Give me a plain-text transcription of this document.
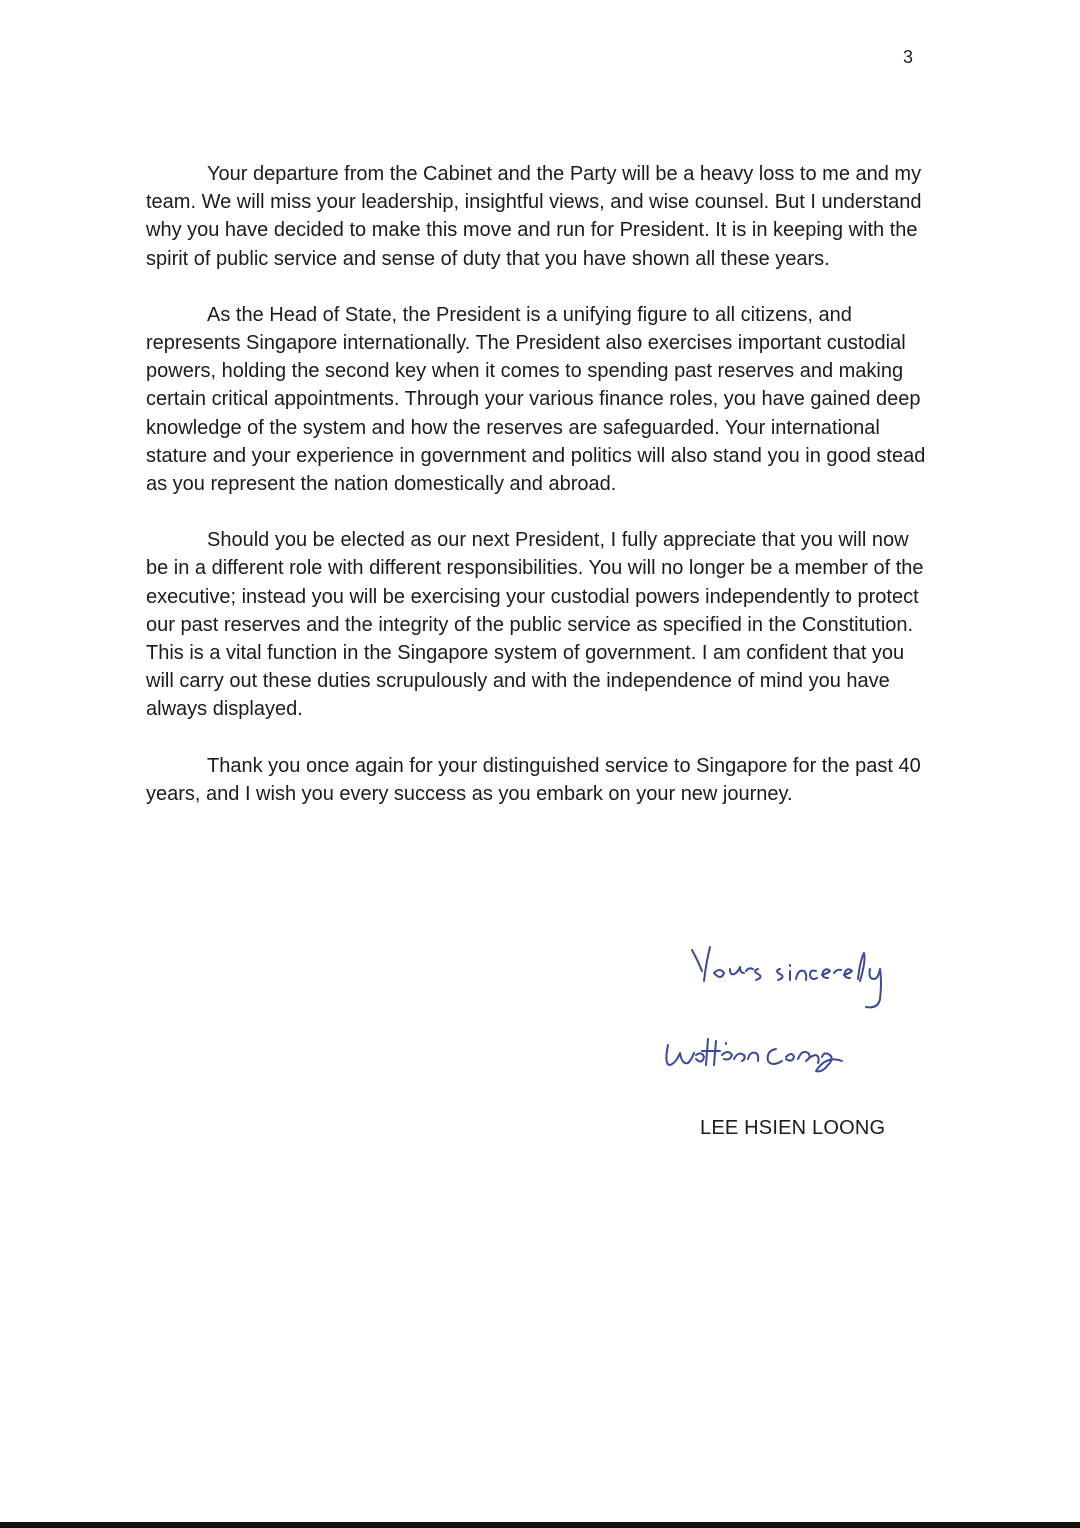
3

Your departure from the Cabinet and the Party will be a heavy loss to me and my team. We will miss your leadership, insightful views, and wise counsel. But I understand why you have decided to make this move and run for President. It is in keeping with the spirit of public service and sense of duty that you have shown all these years.

As the Head of State, the President is a unifying figure to all citizens, and represents Singapore internationally. The President also exercises important custodial powers, holding the second key when it comes to spending past reserves and making certain critical appointments. Through your various finance roles, you have gained deep knowledge of the system and how the reserves are safeguarded. Your international stature and your experience in government and politics will also stand you in good stead as you represent the nation domestically and abroad.

Should you be elected as our next President, I fully appreciate that you will now be in a different role with different responsibilities. You will no longer be a member of the executive; instead you will be exercising your custodial powers independently to protect our past reserves and the integrity of the public service as specified in the Constitution. This is a vital function in the Singapore system of government. I am confident that you will carry out these duties scrupulously and with the independence of mind you have always displayed.

Thank you once again for your distinguished service to Singapore for the past 40 years, and I wish you every success as you embark on your new journey.

LEE HSIEN LOONG
